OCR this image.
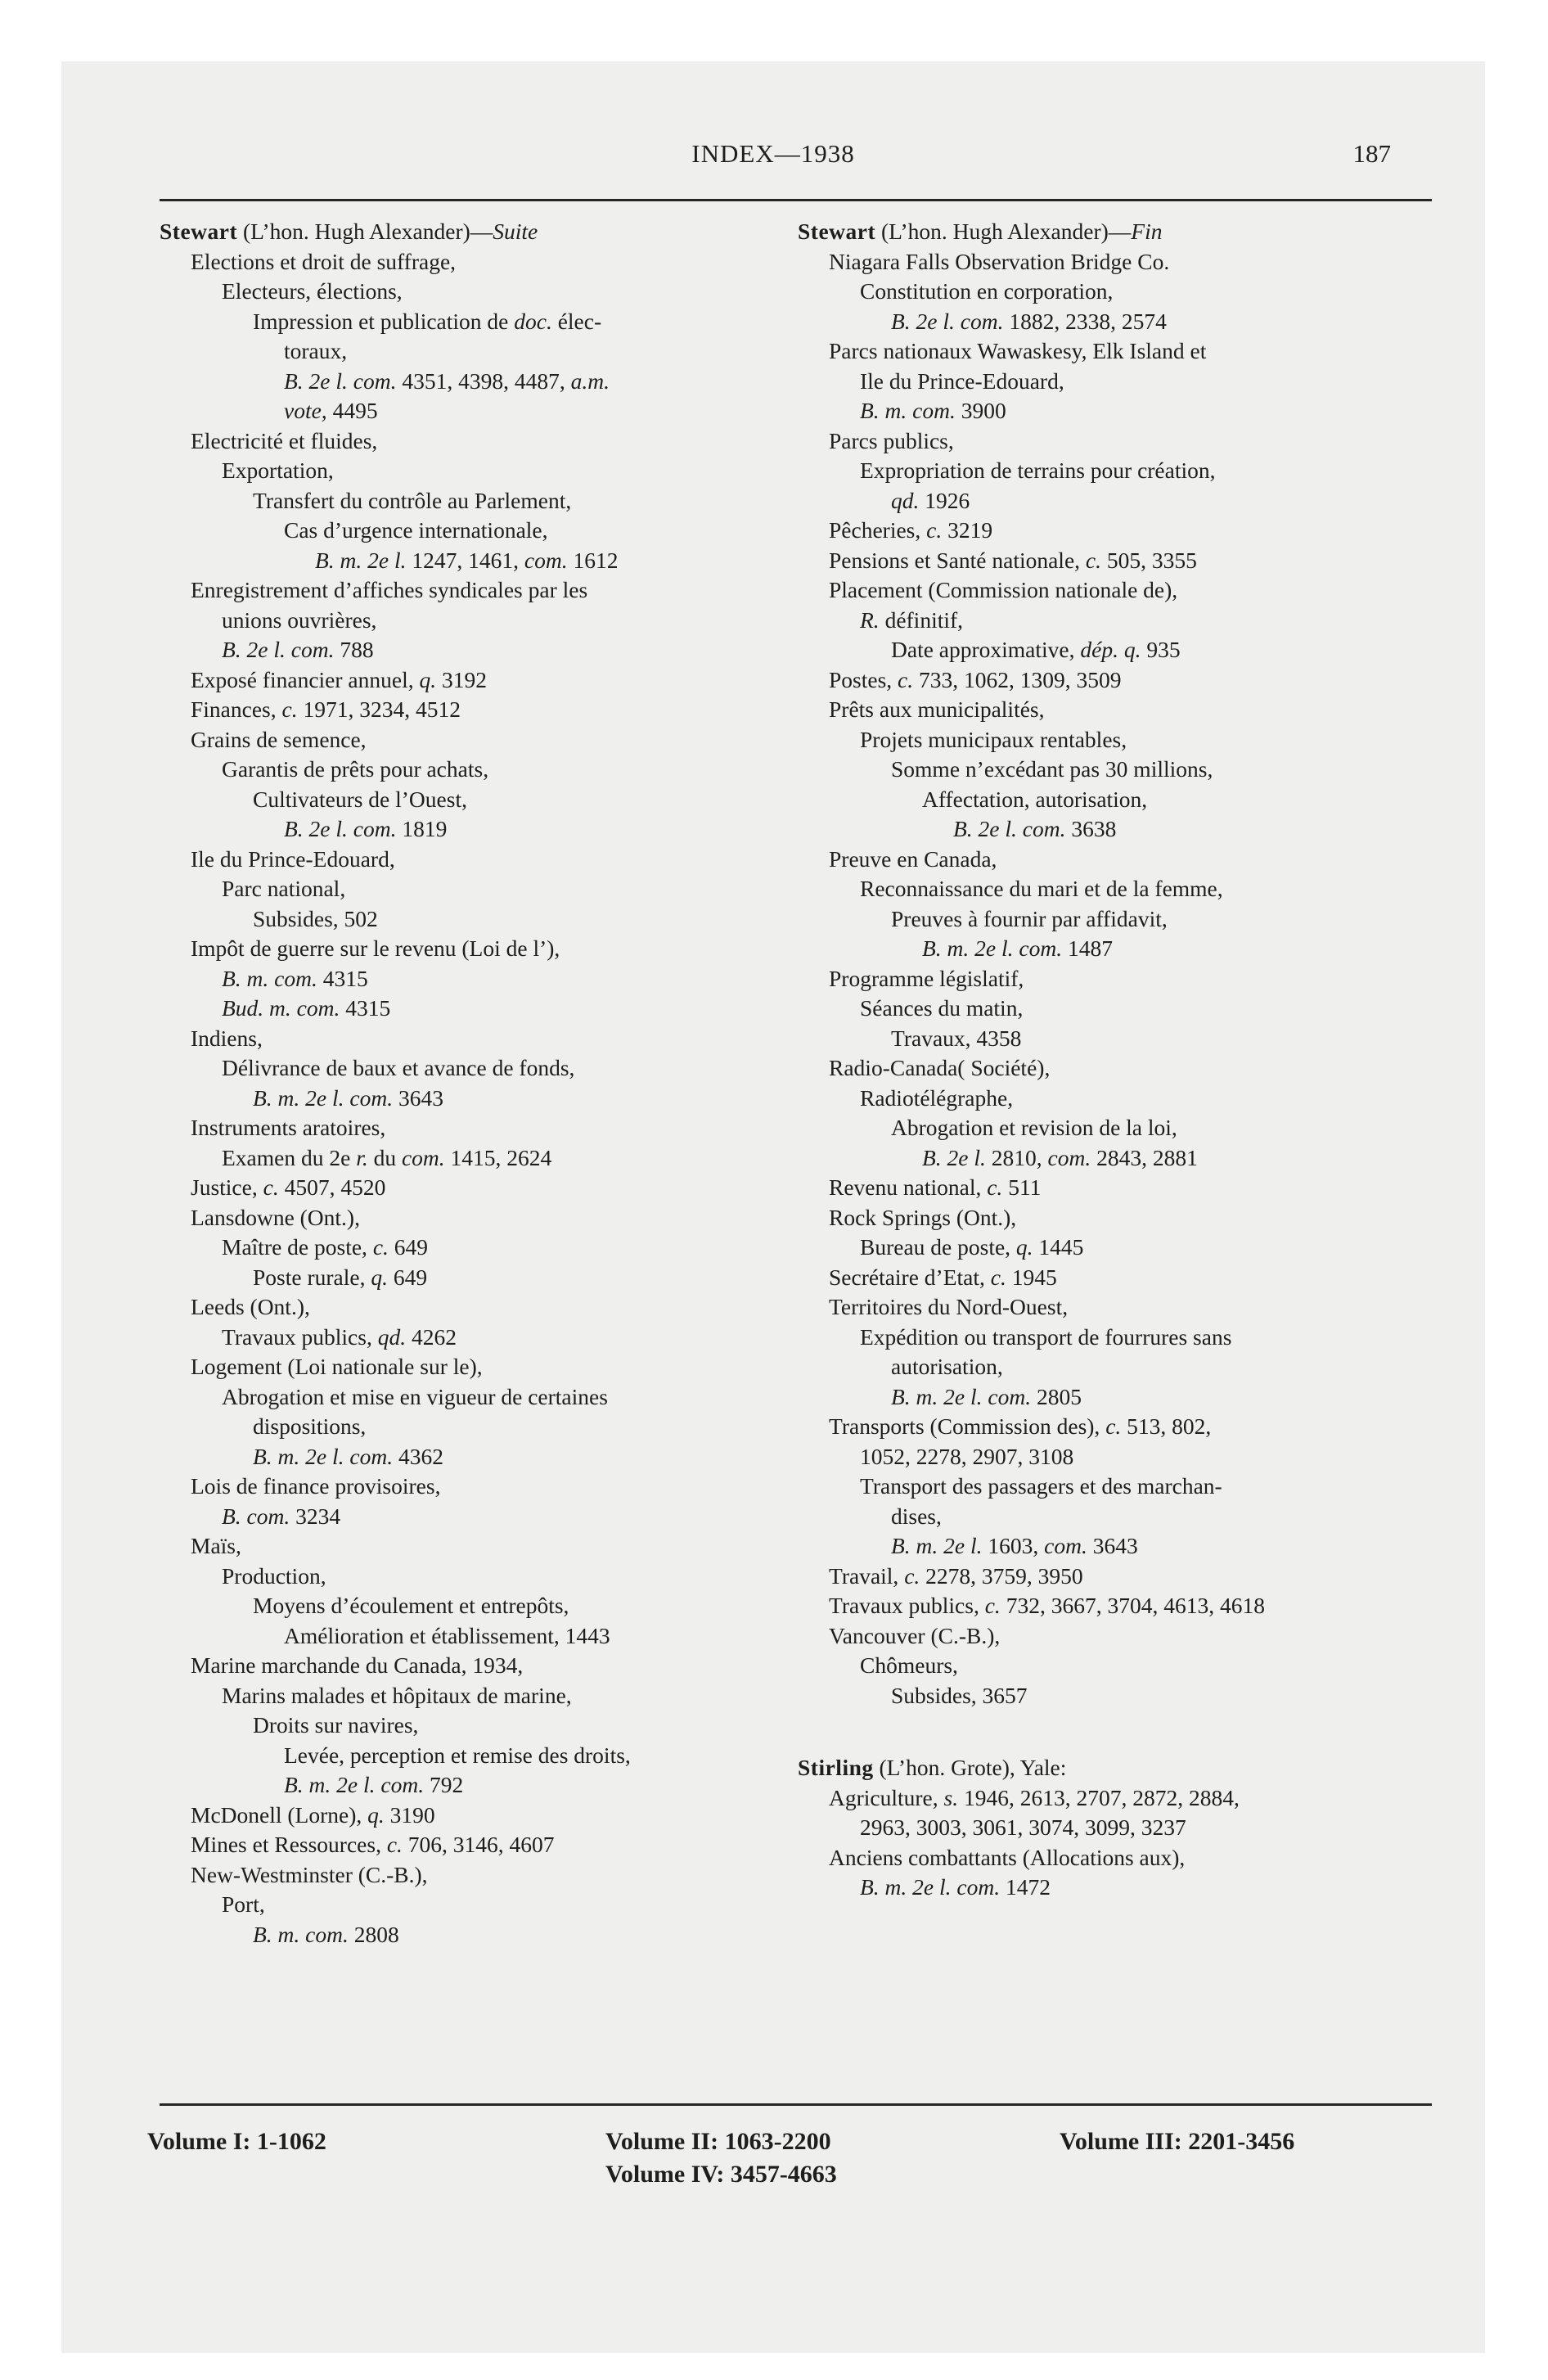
INDEX—1938	187
Stewart (L’hon. Hugh Alexander)—Suite
Elections et droit de suffrage,
Electeurs, élections,
Impression et publication de doc. élec-
toraux,
B. 2e l. com. 4351, 4398, 4487, a.m.
vote, 4495
Electricité et fluides,
Exportation,
Transfert du contrôle au Parlement,
Cas d’urgence internationale,
B. m. 2e l. 1247, 1461, com. 1612
Enregistrement d’affiches syndicales par les
unions ouvrières,
B. 2e l. com. 788
Exposé financier annuel, q. 3192
Finances, c. 1971, 3234, 4512
Grains de semence,
Garantis de prêts pour achats,
Cultivateurs de l’Ouest,
B. 2e l. com. 1819
Ile du Prince-Edouard,
Parc national,
Subsides, 502
Impôt de guerre sur le revenu (Loi de l’),
B. m. com. 4315
Bud. m. com. 4315
Indiens,
Délivrance de baux et avance de fonds,
B. m. 2e l. com. 3643
Instruments aratoires,
Examen du 2e r. du com. 1415, 2624
Justice, c. 4507, 4520
Lansdowne (Ont.),
Maître de poste, c. 649
Poste rurale, q. 649
Leeds (Ont.),
Travaux publics, qd. 4262
Logement (Loi nationale sur le),
Abrogation et mise en vigueur de certaines
dispositions,
B. m. 2e l. com. 4362
Lois de finance provisoires,
B. com. 3234
Maïs,
Production,
Moyens d’écoulement et entrepôts,
Amélioration et établissement, 1443
Marine marchande du Canada, 1934,
Marins malades et hôpitaux de marine,
Droits sur navires,
Levée, perception et remise des droits,
B. m. 2e l. com. 792
McDonell (Lorne), q. 3190
Mines et Ressources, c. 706, 3146, 4607
New-Westminster (C.-B.),
Port,
B. m. com. 2808
Stewart (L’hon. Hugh Alexander)—Fin
Niagara Falls Observation Bridge Co.
Constitution en corporation,
B. 2e l. com. 1882, 2338, 2574
Parcs nationaux Wawaskesy, Elk Island et
Ile du Prince-Edouard,
B. m. com. 3900
Parcs publics,
Expropriation de terrains pour création,
qd. 1926
Pêcheries, c. 3219
Pensions et Santé nationale, c. 505, 3355
Placement (Commission nationale de),
R. définitif,
Date approximative, dép. q. 935
Postes, c. 733, 1062, 1309, 3509
Prêts aux municipalités,
Projets municipaux rentables,
Somme n’excédant pas 30 millions,
Affectation, autorisation,
B. 2e l. com. 3638
Preuve en Canada,
Reconnaissance du mari et de la femme,
Preuves à fournir par affidavit,
B. m. 2e l. com. 1487
Programme législatif,
Séances du matin,
Travaux, 4358
Radio-Canada( Société),
Radiotélégraphe,
Abrogation et revision de la loi,
B. 2e l. 2810, com. 2843, 2881
Revenu national, c. 511
Rock Springs (Ont.),
Bureau de poste, q. 1445
Secrétaire d’Etat, c. 1945
Territoires du Nord-Ouest,
Expédition ou transport de fourrures sans
autorisation,
B. m. 2e l. com. 2805
Transports (Commission des), c. 513, 802,
1052, 2278, 2907, 3108
Transport des passagers et des marchan-
dises,
B. m. 2e l. 1603, com. 3643
Travail, c. 2278, 3759, 3950
Travaux publics, c. 732, 3667, 3704, 4613, 4618
Vancouver (C.-B.),
Chômeurs,
Subsides, 3657
Stirling (L’hon. Grote), Yale:
Agriculture, s. 1946, 2613, 2707, 2872, 2884,
2963, 3003, 3061, 3074, 3099, 3237
Anciens combattants (Allocations aux),
B. m. 2e l. com. 1472
Volume I: 1-1062	Volume II: 1063-2200	Volume III: 2201-3456
Volume IV: 3457-4663
